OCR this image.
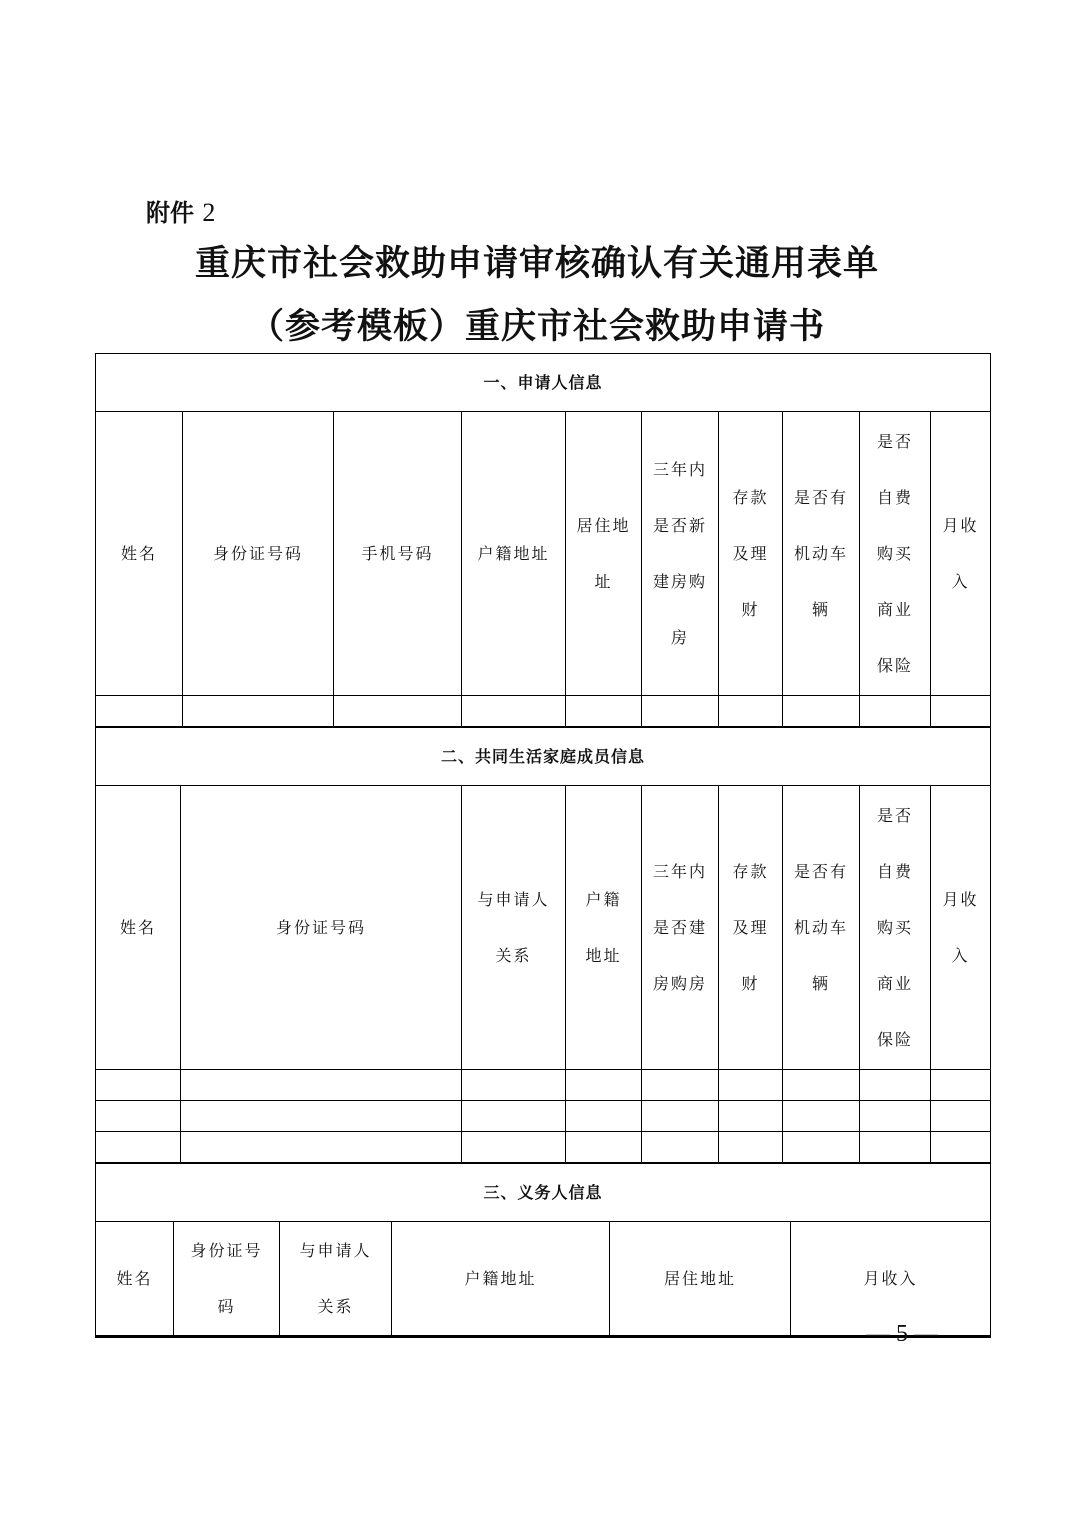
附件 2
重庆市社会救助申请审核确认有关通用表单
（参考模板）重庆市社会救助申请书
一、申请人信息									
姓名	身份证号码	手机号码	户籍地址	居住地址	三年内是否新建房购房	存款及理财	是否有机动车辆	是否自费购买商业保险	月收入

二、共同生活家庭成员信息								
姓名	身份证号码	与申请人关系	户籍地址	三年内是否建房购房	存款及理财	是否有机动车辆	是否自费购买商业保险	月收入

三、义务人信息
姓名	身份证号码	与申请人关系	户籍地址	居住地址	月收入
— 5 —
